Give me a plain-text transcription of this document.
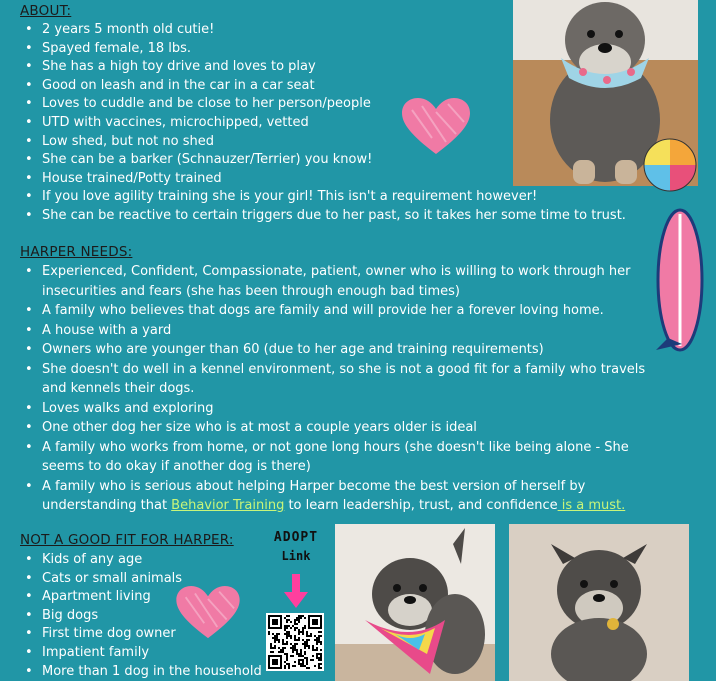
ABOUT:
• 2 years 5 month old cutie!
• Spayed female, 18 lbs.
• She has a high toy drive and loves to play
• Good on leash and in the car in a car seat
• Loves to cuddle and be close to her person/people
• UTD with vaccines, microchipped, vetted
• Low shed, but not no shed
• She can be a barker (Schnauzer/Terrier) you know!
• House trained/Potty trained
• If you love agility training she is your girl! This isn't a requirement however!
• She can be reactive to certain triggers due to her past, so it takes her some time to trust.
HARPER NEEDS:
• Experienced, Confident, Compassionate, patient, owner who is willing to work through her insecurities and fears (she has been through enough bad times)
• A family who believes that dogs are family and will provide her a forever loving home.
• A house with a yard
• Owners who are younger than 60 (due to her age and training requirements)
• She doesn't do well in a kennel environment, so she is not a good fit for a family who travels and kennels their dogs.
• Loves walks and exploring
• One other dog her size who is at most a couple years older is ideal
• A family who works from home, or not gone long hours (she doesn't like being alone - She seems to do okay if another dog is there)
• A family who is serious about helping Harper become the best version of herself by understanding that Behavior Training to learn leadership, trust, and confidence is a must.
NOT A GOOD FIT FOR HARPER:
• Kids of any age
• Cats or small animals
• Apartment living
• Big dogs
• First time dog owner
• Impatient family
• More than 1 dog in the household
ADOPT
Link
